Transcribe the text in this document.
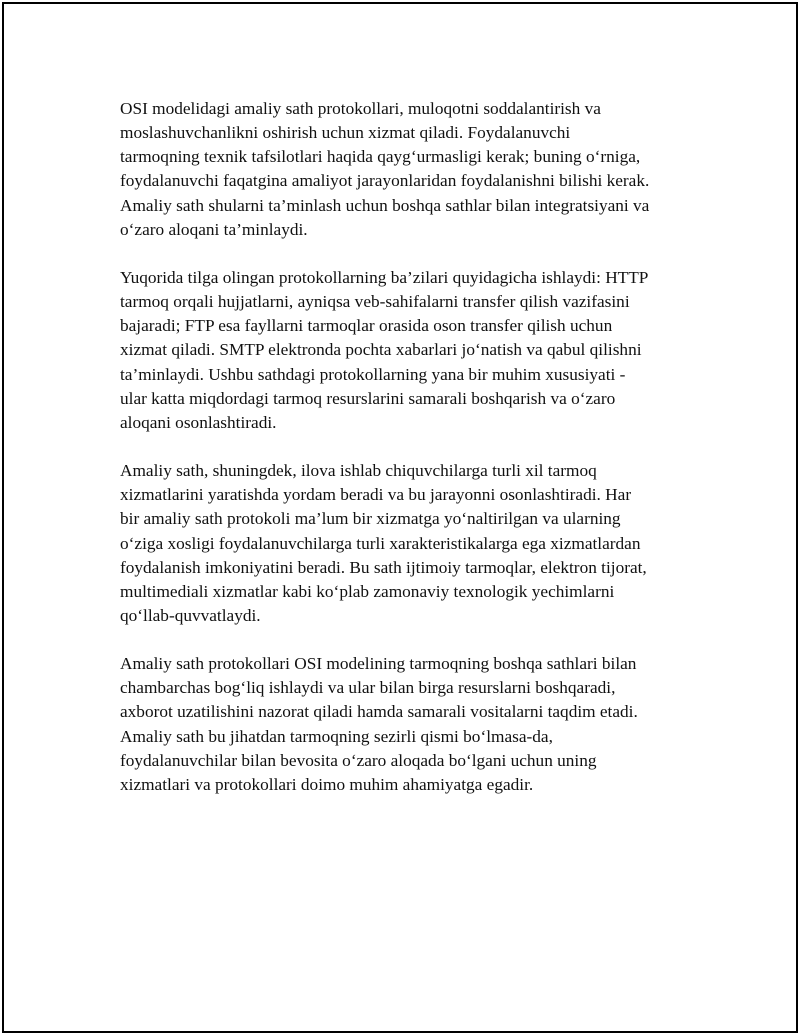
OSI modelidagi amaliy sath protokollari, muloqotni soddalantirish va
moslashuvchanlikni oshirish uchun xizmat qiladi. Foydalanuvchi
tarmoqning texnik tafsilotlari haqida qayg‘urmasligi kerak; buning o‘rniga,
foydalanuvchi faqatgina amaliyot jarayonlaridan foydalanishni bilishi kerak.
Amaliy sath shularni ta’minlash uchun boshqa sathlar bilan integratsiyani va
o‘zaro aloqani ta’minlaydi.

Yuqorida tilga olingan protokollarning ba’zilari quyidagicha ishlaydi: HTTP
tarmoq orqali hujjatlarni, ayniqsa veb-sahifalarni transfer qilish vazifasini
bajaradi; FTP esa fayllarni tarmoqlar orasida oson transfer qilish uchun
xizmat qiladi. SMTP elektronda pochta xabarlari jo‘natish va qabul qilishni
ta’minlaydi. Ushbu sathdagi protokollarning yana bir muhim xususiyati -
ular katta miqdordagi tarmoq resurslarini samarali boshqarish va o‘zaro
aloqani osonlashtiradi.

Amaliy sath, shuningdek, ilova ishlab chiquvchilarga turli xil tarmoq
xizmatlarini yaratishda yordam beradi va bu jarayonni osonlashtiradi. Har
bir amaliy sath protokoli ma’lum bir xizmatga yo‘naltirilgan va ularning
o‘ziga xosligi foydalanuvchilarga turli xarakteristikalarga ega xizmatlardan
foydalanish imkoniyatini beradi. Bu sath ijtimoiy tarmoqlar, elektron tijorat,
multimediali xizmatlar kabi ko‘plab zamonaviy texnologik yechimlarni
qo‘llab-quvvatlaydi.

Amaliy sath protokollari OSI modelining tarmoqning boshqa sathlari bilan
chambarchas bog‘liq ishlaydi va ular bilan birga resurslarni boshqaradi,
axborot uzatilishini nazorat qiladi hamda samarali vositalarni taqdim etadi.
Amaliy sath bu jihatdan tarmoqning sezirli qismi bo‘lmasa-da,
foydalanuvchilar bilan bevosita o‘zaro aloqada bo‘lgani uchun uning
xizmatlari va protokollari doimo muhim ahamiyatga egadir.
